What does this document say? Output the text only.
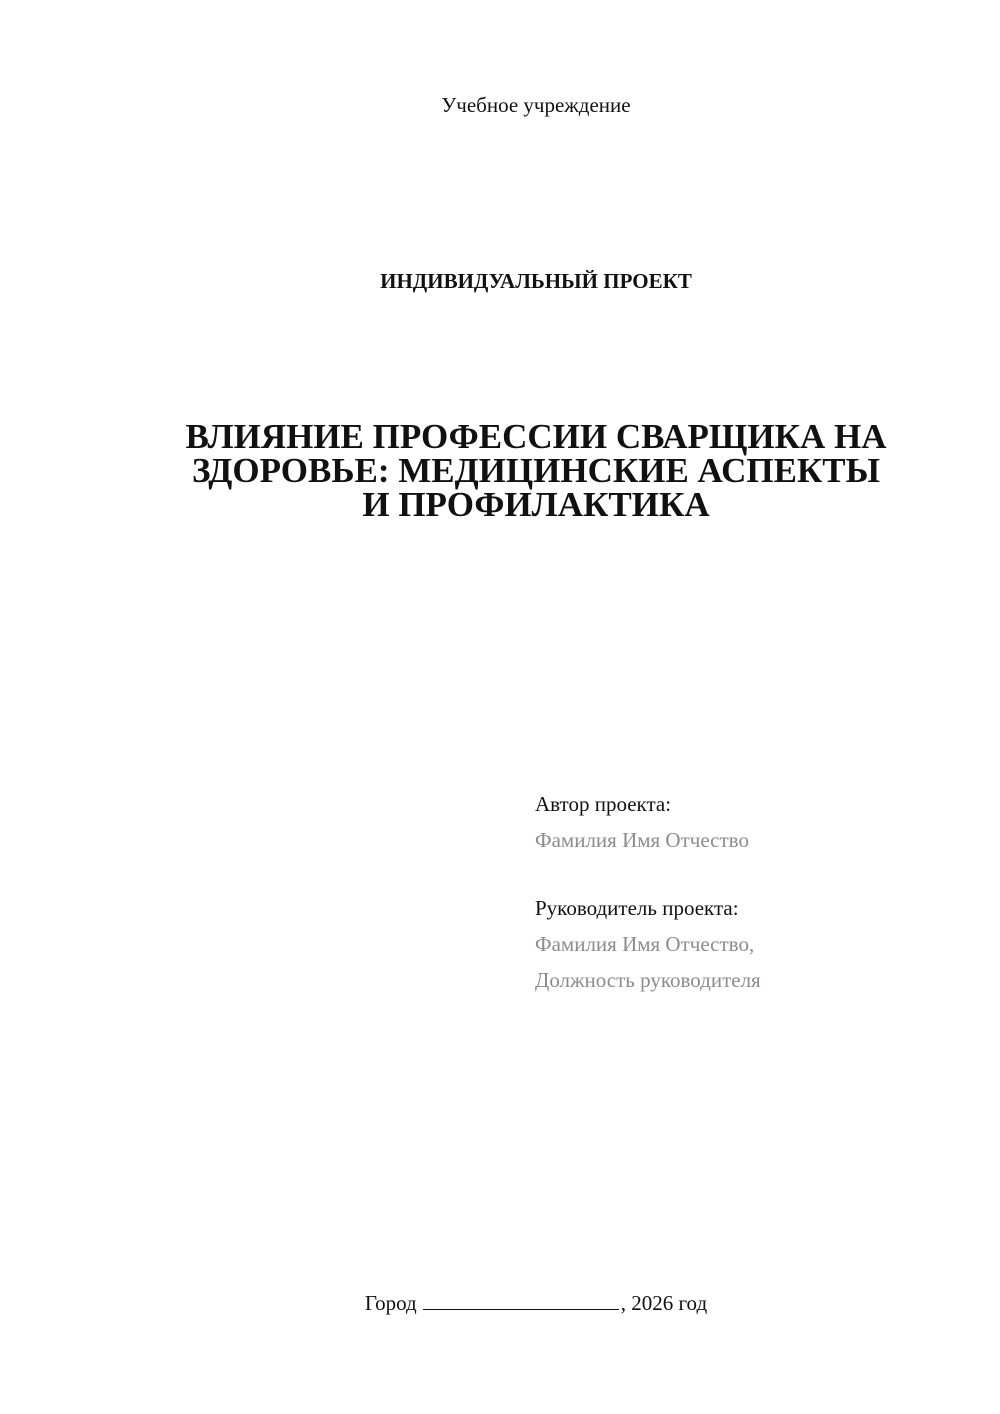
Учебное учреждение
ИНДИВИДУАЛЬНЫЙ ПРОЕКТ
ВЛИЯНИЕ ПРОФЕССИИ СВАРЩИКА НА
ЗДОРОВЬЕ: МЕДИЦИНСКИЕ АСПЕКТЫ
И ПРОФИЛАКТИКА
Автор проекта:
Фамилия Имя Отчество
Руководитель проекта:
Фамилия Имя Отчество,
Должность руководителя
Город	, 2026 год
